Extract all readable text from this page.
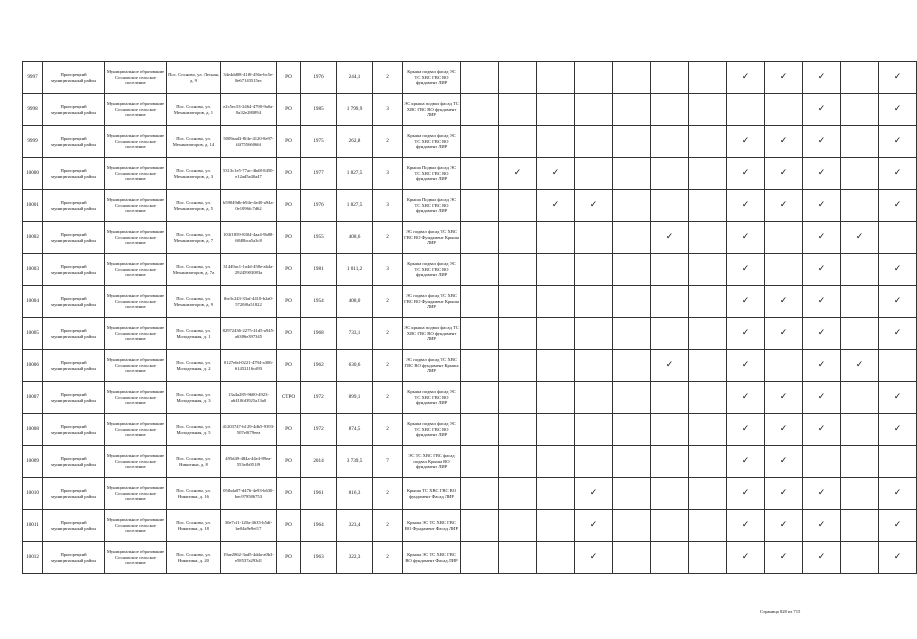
9997	Пригорецкий муниципальный район	Муниципальное образование Сосновское сельское поселение	Пос. Сосново, ул. Лесная, д. 9	34e4dd08-41f8-456e-bc5e-8e67143515ec	РО	1976	244,1	2	Крыша подвал фасад ЭС ТС ХВС ГВС ВО фундамент ЛИР								✓	✓	✓		✓
9998	Пригорецкий муниципальный район	Муниципальное образование Сосновское сельское поселение	Пос. Сосново, ул. Механизаторов, д. 1	e2c5ec53-2464-4790-9a0a-8a32e280894	РО	1985	1 799,9	3	ЭС крыша подвал фасад ТС ХВС ГВС ВО фундамент ЛИР										✓		✓
9999	Пригорецкий муниципальный район	Муниципальное образование Сосновское сельское поселение	Пос. Сосново, ул. Механизаторов, д. 14	5009aad3-8f4e-4120-8e97-f4f75566066f	РО	1975	262,8	2	Крыша подвал фасад ЭС ТС ХВС ГВС ВО фундамент ЛИР								✓	✓	✓		✓
10000	Пригорецкий муниципальный район	Муниципальное образование Сосновское сельское поселение	Пос. Сосново, ул. Механизаторов, д. 3	5313c1e5-77ac-4bd8-8450-e12ad5a40a47	РО	1977	1 827,5	3	Крыша Подвал фасад ЭС ТС ХВС ГВС ВО фундамент ЛИР		✓	✓					✓	✓	✓		✓
10001	Пригорецкий муниципальный район	Муниципальное образование Сосновское сельское поселение	Пос. Сосново, ул. Механизаторов, д. 5	b59049db-b94e-4e40-a94a-0e1096fc7d62	РО	1976	1 827,5	3	Крыша Подвал фасад ЭС ТС ХВС ГВС ВО фундамент ЛИР			✓	✓				✓	✓	✓		✓
10002	Пригорецкий муниципальный район	Муниципальное образование Сосновское сельское поселение	Пос. Сосново, ул. Механизаторов, д. 7	103f1859-8304-4aa4-9b88-6848bca5a3c8	РО	1955	408,6	2	ЭС подвал фасад ТС ХВС ГВС ВО Фундамент Крыша ЛИР						✓		✓		✓	✓	
10003	Пригорецкий муниципальный район	Муниципальное образование Сосновское сельское поселение	Пос. Сосново, ул. Механизаторов, д. 7а	31449ac1-1a4d-458e-ab4a-29245903083a	РО	1981	1 011,2	3	Крыша подвал фасад ЭС ТС ХВС ГВС ВО фундамент ЛИР								✓		✓		✓
10004	Пригорецкий муниципальный район	Муниципальное образование Сосновское сельское поселение	Пос. Сосново, ул. Механизаторов, д. 9	fbe3c243-33af-4410-b2a0-5720f0a51822	РО	1954	408,0	2	ЭС подвал фасад ТС ХВС ГВС ВО Фундамент Крыша ЛИР								✓	✓	✓		✓
10005	Пригорецкий муниципальный район	Муниципальное образование Сосновское сельское поселение	Пос. Сосново, ул. Молодежная, д. 1	82972436-2275-41d5-a945-a6386e397345	РО	1968	733,1	2	ЭС крыша подвал фасад ТС ХВС ГВС ВО фундамент ЛИР								✓	✓	✓		✓
10006	Пригорецкий муниципальный район	Муниципальное образование Сосновское сельское поселение	Пос. Сосново, ул. Молодежная, д. 2	0127e6d-0221-4794-a306-61452116cd93	РО	1962	630,6	2	ЭС подвал фасад ТС ХВС ГВС ВО фундамент Крыша ЛИР						✓		✓		✓	✓	
10007	Пригорецкий муниципальный район	Муниципальное образование Сосновское сельское поселение	Пос. Сосново, ул. Молодежная, д. 3	13a4a285-9600-4923-a6410fd3925a13a0	СТРО	1972	899,1	2	Крыша подвал фасад ЭС ТС ХВС ГВС ВО фундамент ЛИР								✓	✓	✓		✓
10008	Пригорецкий муниципальный район	Муниципальное образование Сосновское сельское поселение	Пос. Сосново, ул. Молодежная, д. 5	41203747-b129-4db5-9393-507e0f79eea	РО	1972	874,5	2	Крыша подвал фасад ЭС ТС ХВС ГВС ВО фундамент ЛИР								✓	✓	✓		✓
10009	Пригорецкий муниципальный район	Муниципальное образование Сосновское сельское поселение	Пос. Сосново, ул. Никитина, д. 8	495d49-484a-44e4-89ea-553efb051f9	РО	2014	3 739,5	7	ЭС ТС ХВС ГВС фасад подвал Крыша ВО фундамент ЛИР								✓	✓			
10010	Пригорецкий муниципальный район	Муниципальное образование Сосновское сельское поселение	Пос. Сосново, ул. Никитина, д. 16	05fbda07-d476-4e93-b630-bec979586753	РО	1961	816,3	2	Крыша ТС ХВС ГВС ВО фундамент Фасад ЛИР				✓				✓	✓	✓		✓
10011	Пригорецкий муниципальный район	Муниципальное образование Сосновское сельское поселение	Пос. Сосново, ул. Никитина, д. 18	30e7cf1-120a-4635-b5df-be04a9e9ef17	РО	1964	323,4	2	Крыша ЭС ТС ХВС ГВС ВО Фундамент Фасад ЛИР				✓				✓	✓	✓		✓
10012	Пригорецкий муниципальный район	Муниципальное образование Сосновское сельское поселение	Пос. Сосново, ул. Никитина, д. 20	19ae2862-3ad5-4dda-a0b3-e58537a293d1	РО	1963	322,3	2	Крыша ЭС ТС ХВС ГВС ВО фундамент Фасад ЛИР				✓				✓	✓	✓		✓
Страница 828 из 715
